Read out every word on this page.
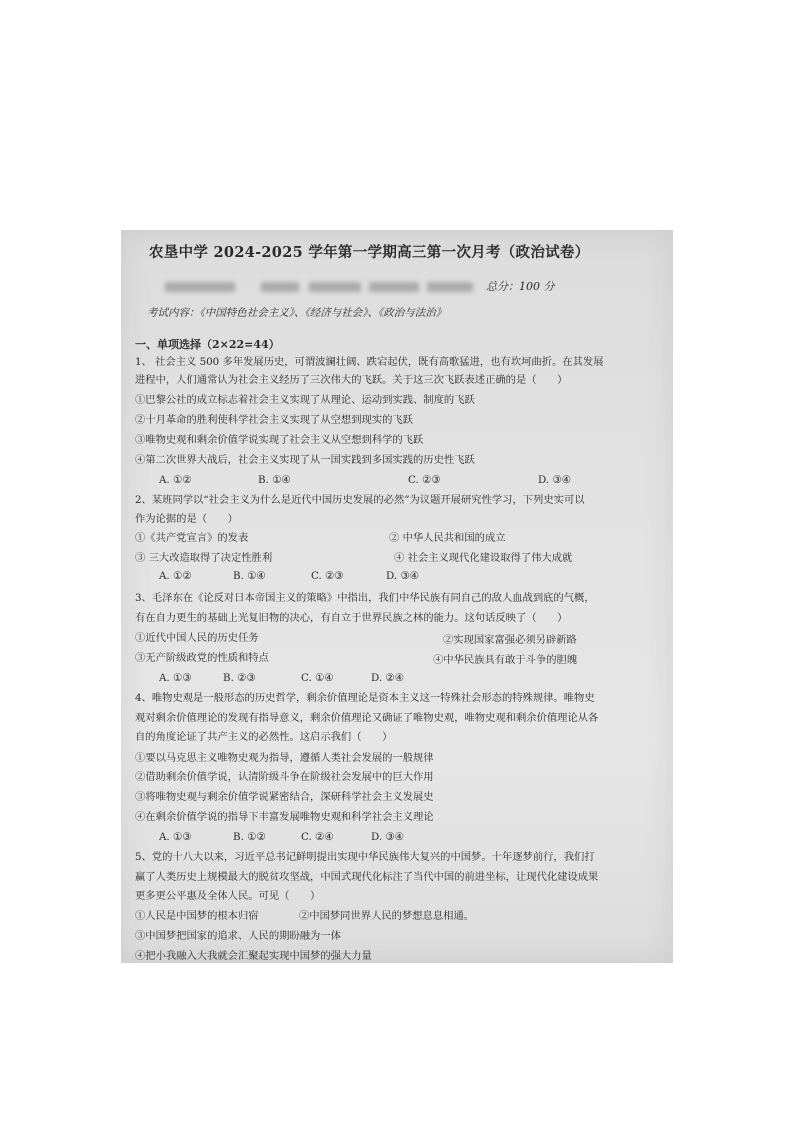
农垦中学 2024-2025 学年第一学期高三第一次月考（政治试卷）
总分：100 分
考试内容：《中国特色社会主义》、《经济与社会》、《政治与法治》
一、单项选择（2×22=44）
1、 社会主义 500 多年发展历史，可谓波澜壮阔、跌宕起伏，既有高歌猛进，也有坎坷曲折。在其发展
进程中，人们通常认为社会主义经历了三次伟大的飞跃。关于这三次飞跃表述正确的是（　　）
①巴黎公社的成立标志着社会主义实现了从理论、运动到实践、制度的飞跃
②十月革命的胜利使科学社会主义实现了从空想到现实的飞跃
③唯物史观和剩余价值学说实现了社会主义从空想到科学的飞跃
④第二次世界大战后，社会主义实现了从一国实践到多国实践的历史性飞跃
A. ①②	B. ①④	C. ②③	D. ③④
2、某班同学以“社会主义为什么是近代中国历史发展的必然”为议题开展研究性学习，下列史实可以
作为论据的是（　　）
①《共产党宣言》的发表	② 中华人民共和国的成立
③ 三大改造取得了决定性胜利	④ 社会主义现代化建设取得了伟大成就
A. ①②	B. ①④	C. ②③	D. ③④
3、毛泽东在《论反对日本帝国主义的策略》中指出，我们中华民族有同自己的敌人血战到底的气概，
有在自力更生的基础上光复旧物的决心，有自立于世界民族之林的能力。这句话反映了（　　）
①近代中国人民的历史任务	②实现国家富强必须另辟新路
③无产阶级政党的性质和特点	④中华民族具有敢于斗争的胆魄
A. ①③	B. ②③	C. ①④	D. ②④
4、唯物史观是一般形态的历史哲学，剩余价值理论是资本主义这一特殊社会形态的特殊规律。唯物史
观对剩余价值理论的发现有指导意义，剩余价值理论又确证了唯物史观，唯物史观和剩余价值理论从各
自的角度论证了共产主义的必然性。这启示我们（　　）
①要以马克思主义唯物史观为指导，遵循人类社会发展的一般规律
②借助剩余价值学说，认清阶级斗争在阶级社会发展中的巨大作用
③将唯物史观与剩余价值学说紧密结合，深研科学社会主义发展史
④在剩余价值学说的指导下丰富发展唯物史观和科学社会主义理论
A. ①③	B. ①②	C. ②④	D. ③④
5、党的十八大以来，习近平总书记鲜明提出实现中华民族伟大复兴的中国梦。十年逐梦前行，我们打
赢了人类历史上规模最大的脱贫攻坚战，中国式现代化标注了当代中国的前进坐标，让现代化建设成果
更多更公平惠及全体人民。可见（　　）
①人民是中国梦的根本归宿	②中国梦同世界人民的梦想息息相通。
③中国梦把国家的追求、人民的期盼融为一体
④把小我融入大我就会汇聚起实现中国梦的强大力量
